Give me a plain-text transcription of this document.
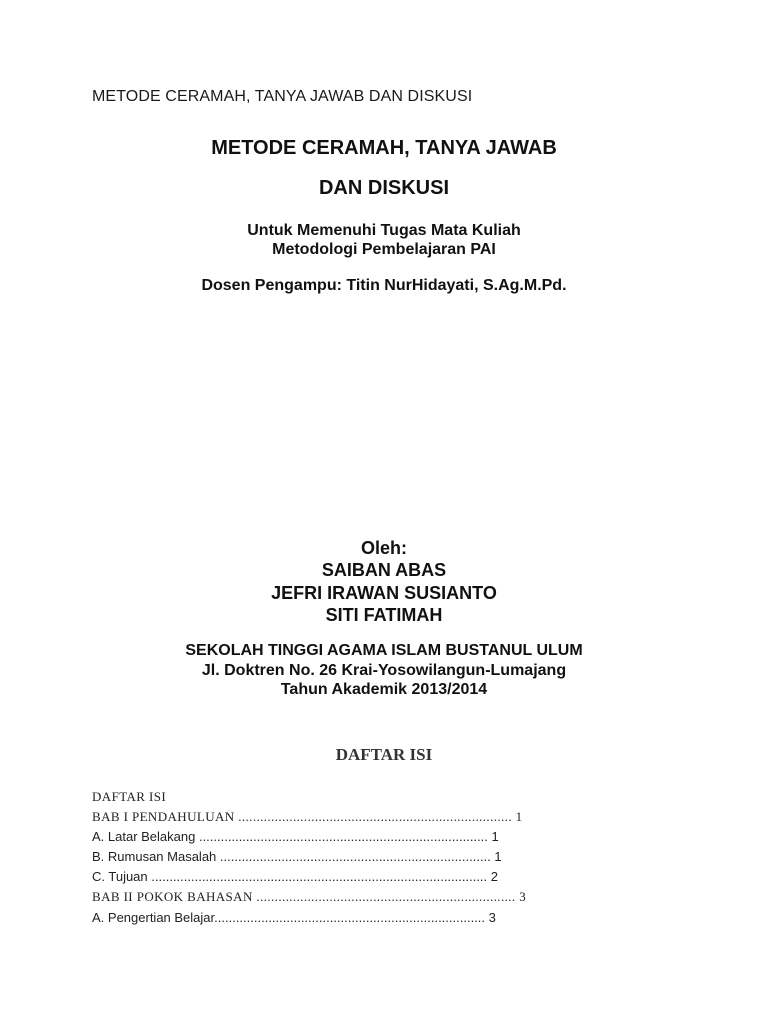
METODE CERAMAH, TANYA JAWAB DAN DISKUSI
METODE CERAMAH, TANYA JAWAB
DAN DISKUSI
Untuk Memenuhi Tugas Mata Kuliah
Metodologi Pembelajaran PAI
Dosen Pengampu: Titin NurHidayati, S.Ag.M.Pd.
Oleh:
SAIBAN ABAS
JEFRI IRAWAN SUSIANTO
SITI FATIMAH
SEKOLAH TINGGI AGAMA ISLAM BUSTANUL ULUM
Jl. Doktren No. 26 Krai-Yosowilangun-Lumajang
Tahun Akademik 2013/2014
DAFTAR ISI
DAFTAR ISI
BAB I PENDAHULUAN ........................................................................... 1
A. Latar Belakang ................................................................................ 1
B. Rumusan Masalah ........................................................................... 1
C. Tujuan ............................................................................................. 2
BAB II POKOK BAHASAN ....................................................................... 3
A. Pengertian Belajar........................................................................... 3
